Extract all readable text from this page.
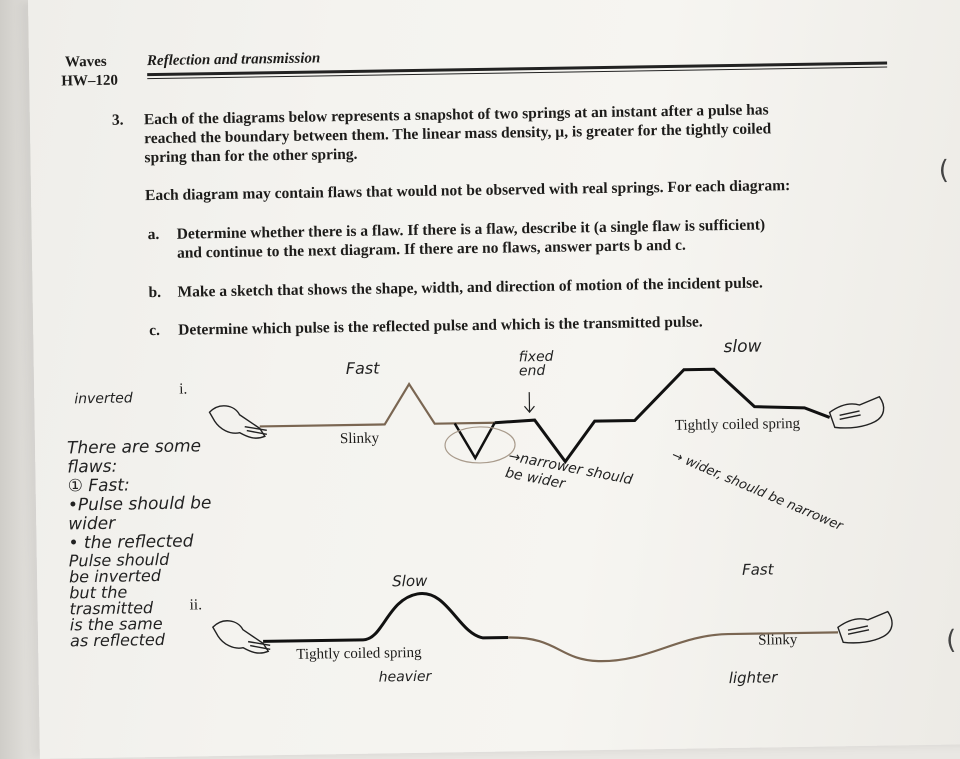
Waves
HW–120
Reflection and transmission
3. Each of the diagrams below represents a snapshot of two springs at an instant after a pulse has
reached the boundary between them. The linear mass density, μ, is greater for the tightly coiled
spring than for the other spring.
Each diagram may contain flaws that would not be observed with real springs. For each diagram:
a. Determine whether there is a flaw. If there is a flaw, describe it (a single flaw is sufficient)
and continue to the next diagram. If there are no flaws, answer parts b and c.
b. Make a sketch that shows the shape, width, and direction of motion of the incident pulse.
c. Determine which pulse is the reflected pulse and which is the transmitted pulse.
i.
Slinky
Tightly coiled spring
ii.
Tightly coiled spring
Slinky
inverted
Fast
fixed end
slow
→narrower should be wider	→ wider, should be narrower
There are some
flaws:
① Fast:
•Pulse should be
wider
• the reflected
Pulse should
be inverted
but the
trasmitted
is the same
as reflected
Slow
Fast
heavier	lighter
(
(
